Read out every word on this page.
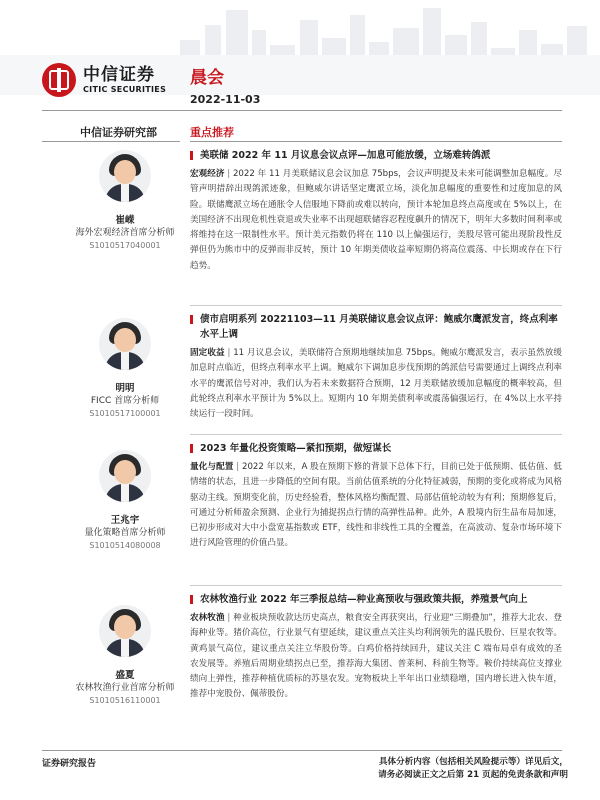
中信证券
CITIC SECURITIES
晨会
2022-11-03
中信证券研究部
崔嵘
海外宏观经济首席分析师
S1010517040001
明明
FICC 首席分析师
S1010517100001
王兆宇
量化策略首席分析师
S1010514080008
盛夏
农林牧渔行业首席分析师
S1010516110001
重点推荐
美联储 2022 年 11 月议息会议点评—加息可能放缓，立场难转鸽派
宏观经济 | 2022 年 11 月美联储议息会议加息 75bps，会议声明提及未来可能调整加息幅度。尽管声明措辞出现鸽派迹象，但鲍威尔讲话坚定鹰派立场，淡化加息幅度的重要性和过度加息的风险。联储鹰派立场在通胀令人信服地下降前或难以转向，预计本轮加息终点高度或在 5%以上，在美国经济不出现危机性衰退或失业率不出现超联储容忍程度飙升的情况下，明年大多数时间利率或将维持在这一限制性水平。预计美元指数仍将在 110 以上偏强运行，美股尽管可能出现阶段性反弹但仍为熊市中的反弹而非反转，预计 10 年期美债收益率短期仍将高位震荡、中长期或存在下行趋势。
债市启明系列 20221103—11 月美联储议息会议点评：鲍威尔鹰派发言，终点利率水平上调
固定收益 | 11 月议息会议，美联储符合预期地继续加息 75bps。鲍威尔鹰派发言，表示虽然放缓加息时点临近，但终点利率水平上调。鲍威尔下调加息步伐预期的鸽派信号需要通过上调终点利率水平的鹰派信号对冲，我们认为若未来数据符合预期，12 月美联储放缓加息幅度的概率较高，但此轮终点利率水平预计为 5%以上。短期内 10 年期美债利率或震荡偏强运行，在 4%以上水平持续运行一段时间。
2023 年量化投资策略—紧扣预期，做短谋长
量化与配置 | 2022 年以来，A 股在预期下修的背景下总体下行，目前已处于低预期、低估值、低情绪的状态，且进一步降低的空间有限。当前估值系统的分化特征减弱，预期的变化或将成为风格驱动主线。预期变化前，历史经验看，整体风格均衡配置、局部估值轮动较为有利；预期修复后，可通过分析师盈余预测、企业行为捕捉拐点行情的高弹性品种。此外，A 股境内衍生品布局加速，已初步形成对大中小盘宽基指数或 ETF，线性和非线性工具的全覆盖，在高波动、复杂市场环境下进行风险管理的价值凸显。
农林牧渔行业 2022 年三季报总结—种业高预收与强政策共振，养殖景气向上
农林牧渔 | 种业板块预收款达历史高点，粮食安全再获突出，行业迎“三期叠加”，推荐大北农、登海种业等。猪价高位，行业景气有望延续，建议重点关注头均利润领先的温氏股份、巨星农牧等。黄鸡景气高位，建议重点关注立华股份等。白鸡价格持续回升，建议关注 C 端布局卓有成效的圣农发展等。养殖后周期业绩拐点已至，推荐海大集团、普莱柯、科前生物等。鞍价持续高位支撑业绩向上弹性，推荐种植优质标的苏垦农发。宠物板块上半年出口业绩稳增，国内增长进入快车道，推荐中宠股份、佩蒂股份。
证券研究报告	具体分析内容（包括相关风险提示等）详见后文，
请务必阅读正文之后第 21 页起的免责条款和声明
